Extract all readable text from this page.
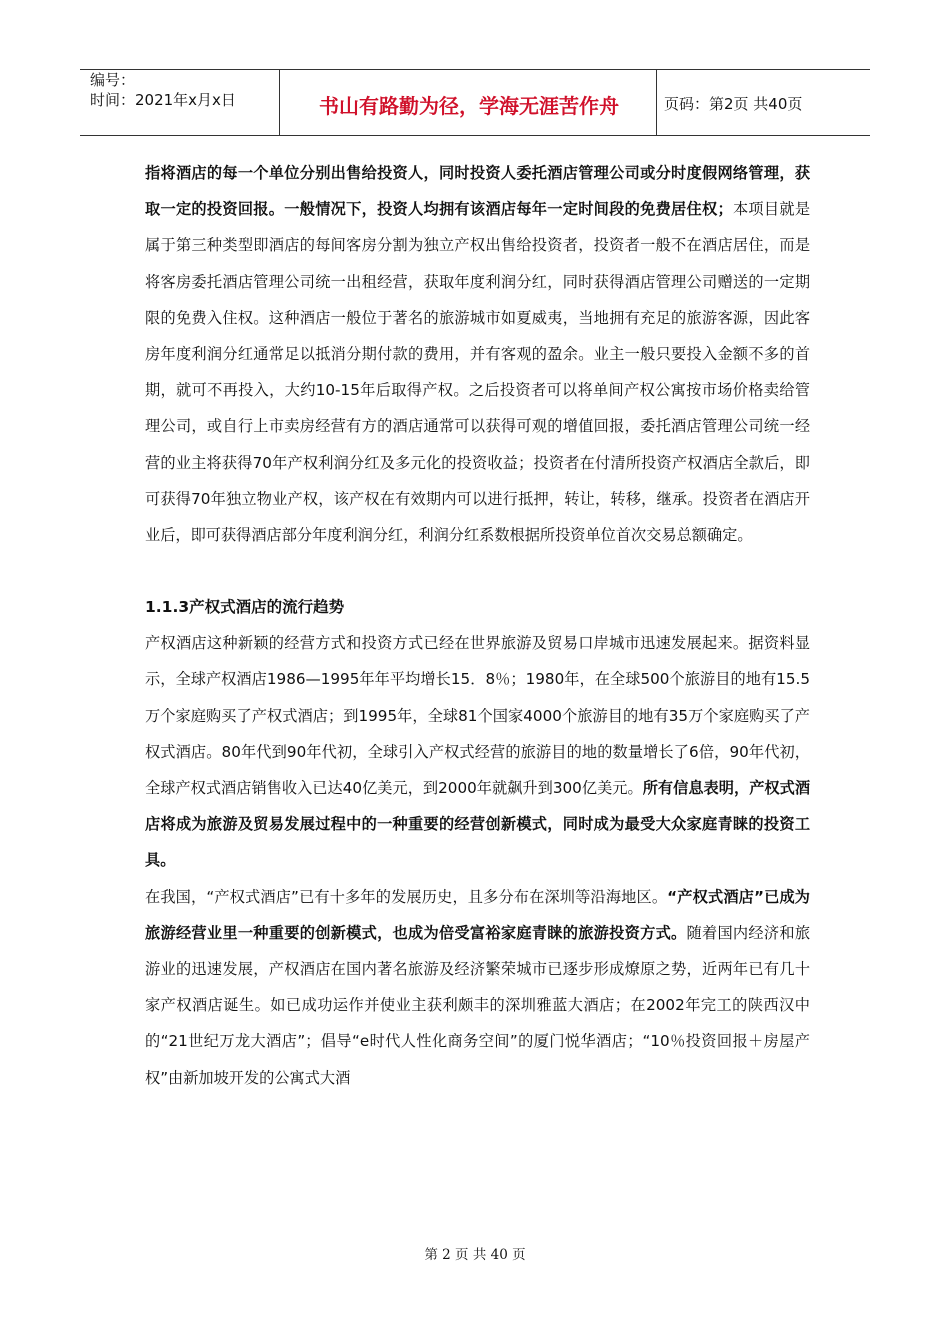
编号：
时间：2021年x月x日	书山有路勤为径，学海无涯苦作舟	页码：第2页 共40页

指将酒店的每一个单位分别出售给投资人，同时投资人委托酒店管理公司或分时度假网络管理，获取一定的投资回报。一般情况下，投资人均拥有该酒店每年一定时间段的免费居住权；本项目就是属于第三种类型即酒店的每间客房分割为独立产权出售给投资者，投资者一般不在酒店居住，而是将客房委托酒店管理公司统一出租经营，获取年度利润分红，同时获得酒店管理公司赠送的一定期限的免费入住权。这种酒店一般位于著名的旅游城市如夏威夷，当地拥有充足的旅游客源，因此客房年度利润分红通常足以抵消分期付款的费用，并有客观的盈余。业主一般只要投入金额不多的首期，就可不再投入，大约10-15年后取得产权。之后投资者可以将单间产权公寓按市场价格卖给管理公司，或自行上市卖房经营有方的酒店通常可以获得可观的增值回报，委托酒店管理公司统一经营的业主将获得70年产权利润分红及多元化的投资收益；投资者在付清所投资产权酒店全款后，即可获得70年独立物业产权，该产权在有效期内可以进行抵押，转让，转移，继承。投资者在酒店开业后，即可获得酒店部分年度利润分红，利润分红系数根据所投资单位首次交易总额确定。

1.1.3产权式酒店的流行趋势

产权酒店这种新颖的经营方式和投资方式已经在世界旅游及贸易口岸城市迅速发展起来。据资料显示，全球产权酒店1986—1995年年平均增长15．8％；1980年，在全球500个旅游目的地有15.5万个家庭购买了产权式酒店；到1995年，全球81个国家4000个旅游目的地有35万个家庭购买了产权式酒店。80年代到90年代初，全球引入产权式经营的旅游目的地的数量增长了6倍，90年代初，全球产权式酒店销售收入已达40亿美元，到2000年就飙升到300亿美元。所有信息表明，产权式酒店将成为旅游及贸易发展过程中的一种重要的经营创新模式，同时成为最受大众家庭青睐的投资工具。

在我国，“产权式酒店”已有十多年的发展历史，且多分布在深圳等沿海地区。“产权式酒店”已成为旅游经营业里一种重要的创新模式，也成为倍受富裕家庭青睐的旅游投资方式。随着国内经济和旅游业的迅速发展，产权酒店在国内著名旅游及经济繁荣城市已逐步形成燎原之势，近两年已有几十家产权酒店诞生。如已成功运作并使业主获利颇丰的深圳雅蓝大酒店；在2002年完工的陕西汉中的“21世纪万龙大酒店”；倡导“e时代人性化商务空间”的厦门悦华酒店；“10％投资回报＋房屋产权”由新加坡开发的公寓式大酒

第 2 页 共 40 页
